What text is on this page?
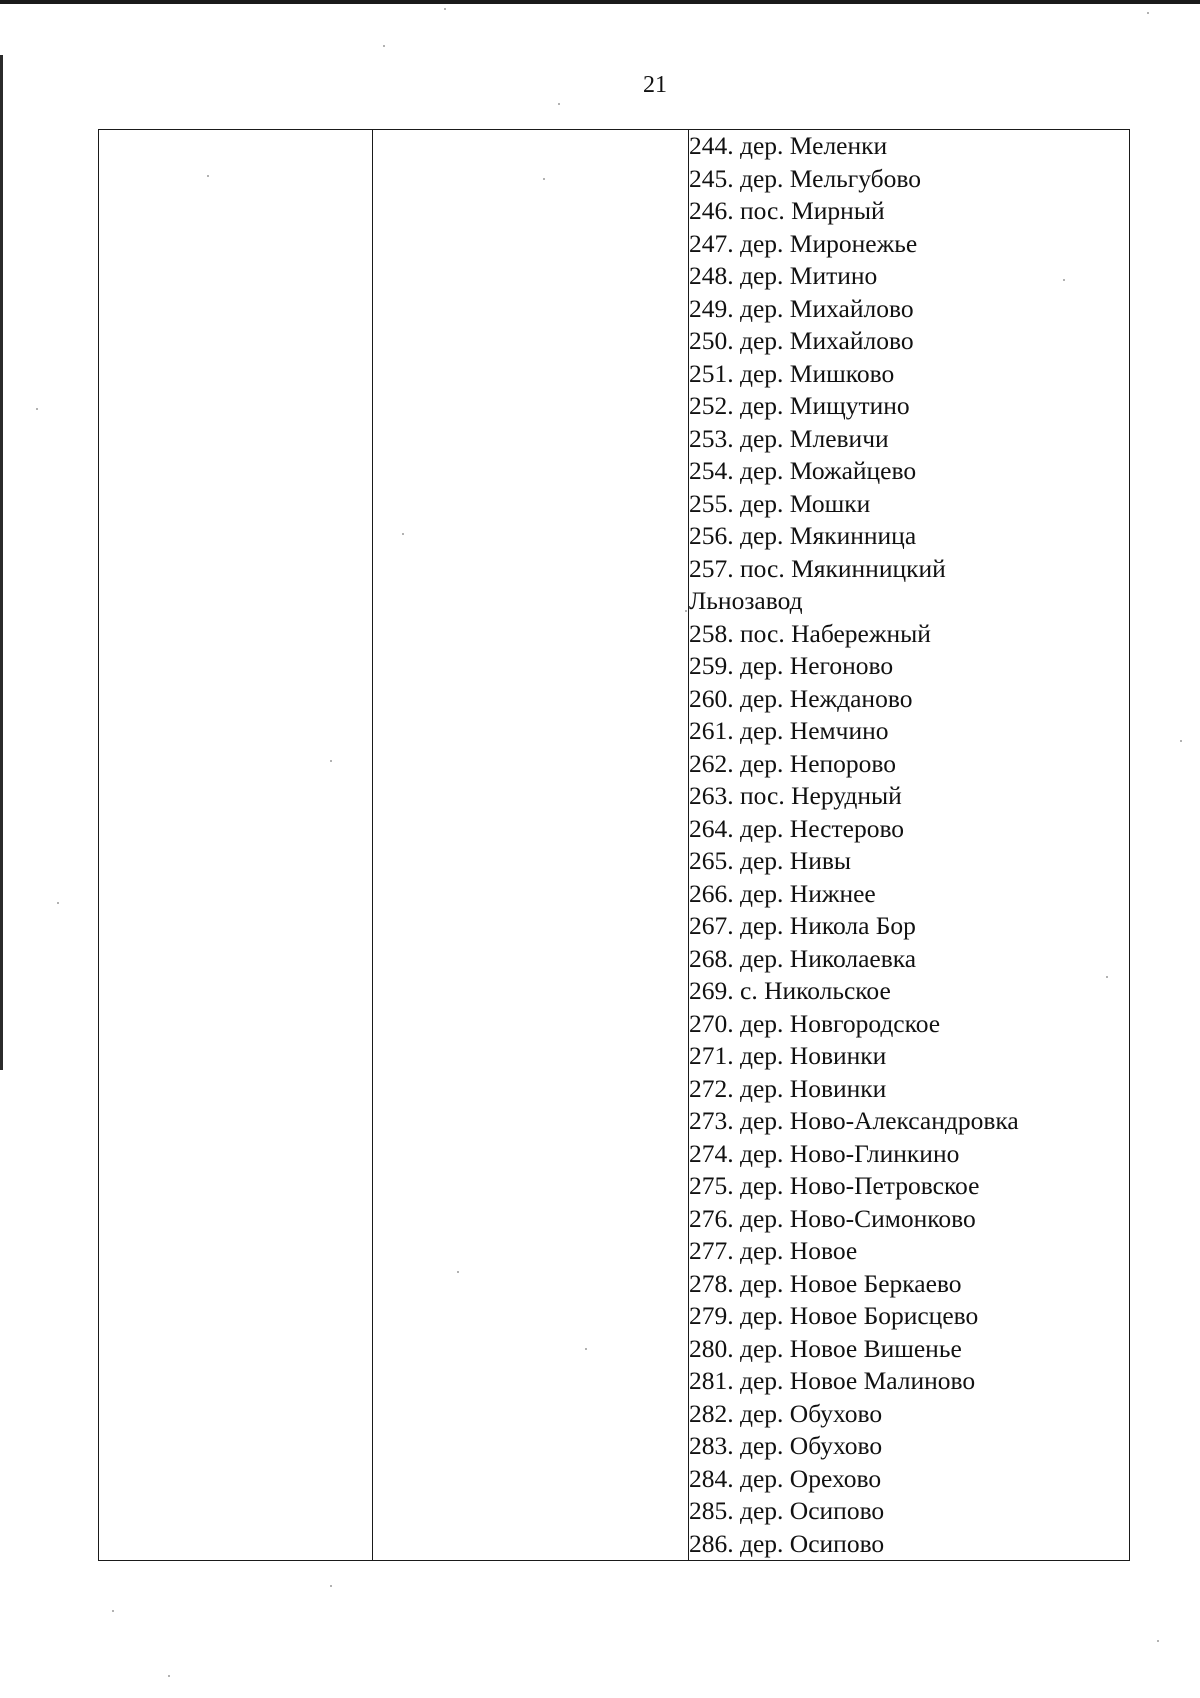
21

244. дер. Меленки
245. дер. Мельгубово
246. пос. Мирный
247. дер. Миронежье
248. дер. Митино
249. дер. Михайлово
250. дер. Михайлово
251. дер. Мишково
252. дер. Мищутино
253. дер. Млевичи
254. дер. Можайцево
255. дер. Мошки
256. дер. Мякинница
257. пос. Мякинницкий
Льнозавод
258. пос. Набережный
259. дер. Негоново
260. дер. Нежданово
261. дер. Немчино
262. дер. Непорово
263. пос. Нерудный
264. дер. Нестерово
265. дер. Нивы
266. дер. Нижнее
267. дер. Никола Бор
268. дер. Николаевка
269. с. Никольское
270. дер. Новгородское
271. дер. Новинки
272. дер. Новинки
273. дер. Ново-Александровка
274. дер. Ново-Глинкино
275. дер. Ново-Петровское
276. дер. Ново-Симонково
277. дер. Новое
278. дер. Новое Беркаево
279. дер. Новое Борисцево
280. дер. Новое Вишенье
281. дер. Новое Малиново
282. дер. Обухово
283. дер. Обухово
284. дер. Орехово
285. дер. Осипово
286. дер. Осипово
